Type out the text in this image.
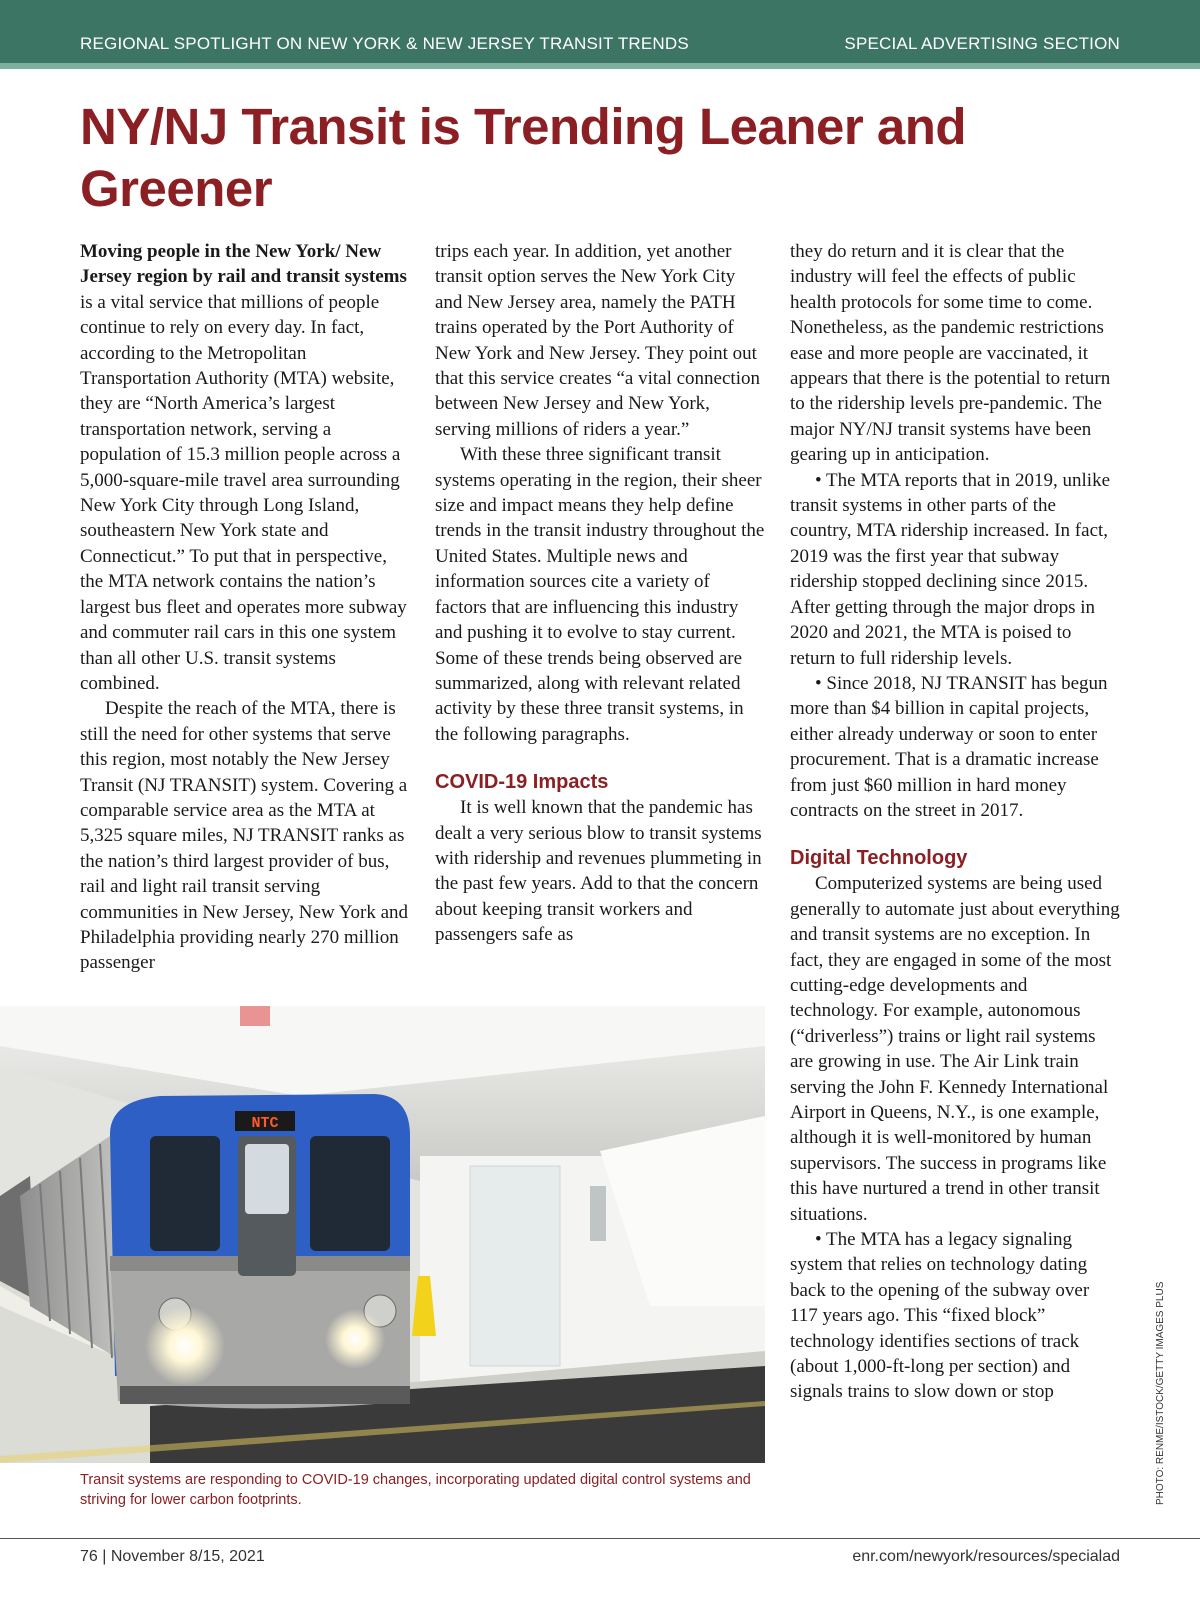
REGIONAL SPOTLIGHT ON NEW YORK & NEW JERSEY TRANSIT TRENDS	SPECIAL ADVERTISING SECTION
NY/NJ Transit is Trending Leaner and Greener

Moving people in the New York/ New Jersey region by rail and transit systems is a vital service that millions of people continue to rely on every day. In fact, according to the Metropolitan Transportation Authority (MTA) website, they are “North America’s largest transportation network, serving a population of 15.3 million people across a 5,000-square-mile travel area surrounding New York City through Long Island, southeastern New York state and Connecticut.” To put that in perspective, the MTA network contains the nation’s largest bus fleet and operates more subway and commuter rail cars in this one system than all other U.S. transit systems combined.

Despite the reach of the MTA, there is still the need for other systems that serve this region, most notably the New Jersey Transit (NJ TRANSIT) system. Covering a comparable service area as the MTA at 5,325 square miles, NJ TRANSIT ranks as the nation’s third largest provider of bus, rail and light rail transit serving communities in New Jersey, New York and Philadelphia providing nearly 270 million passenger

trips each year. In addition, yet another transit option serves the New York City and New Jersey area, namely the PATH trains operated by the Port Authority of New York and New Jersey. They point out that this service creates “a vital connection between New Jersey and New York, serving millions of riders a year.”

With these three significant transit systems operating in the region, their sheer size and impact means they help define trends in the transit industry throughout the United States. Multiple news and information sources cite a variety of factors that are influencing this industry and pushing it to evolve to stay current. Some of these trends being observed are summarized, along with relevant related activity by these three transit systems, in the following paragraphs.

COVID-19 Impacts

It is well known that the pandemic has dealt a very serious blow to transit systems with ridership and revenues plummeting in the past few years. Add to that the concern about keeping transit workers and passengers safe as

they do return and it is clear that the industry will feel the effects of public health protocols for some time to come. Nonetheless, as the pandemic restrictions ease and more people are vaccinated, it appears that there is the potential to return to the ridership levels pre-pandemic. The major NY/NJ transit systems have been gearing up in anticipation.

• The MTA reports that in 2019, unlike transit systems in other parts of the country, MTA ridership increased. In fact, 2019 was the first year that subway ridership stopped declining since 2015. After getting through the major drops in 2020 and 2021, the MTA is poised to return to full ridership levels.

• Since 2018, NJ TRANSIT has begun more than $4 billion in capital projects, either already underway or soon to enter procurement. That is a dramatic increase from just $60 million in hard money contracts on the street in 2017.

Digital Technology

Computerized systems are being used generally to automate just about everything and transit systems are no exception. In fact, they are engaged in some of the most cutting-edge developments and technology. For example, autonomous (“driverless”) trains or light rail systems are growing in use. The Air Link train serving the John F. Kennedy International Airport in Queens, N.Y., is one example, although it is well-monitored by human supervisors. The success in programs like this have nurtured a trend in other transit situations.

• The MTA has a legacy signaling system that relies on technology dating back to the opening of the subway over 117 years ago. This “fixed block” technology identifies sections of track (about 1,000-ft-long per section) and signals trains to slow down or stop

NTC
Transit systems are responding to COVID-19 changes, incorporating updated digital control systems and striving for lower carbon footprints.	PHOTO: RENME/ISTOCK/GETTY IMAGES PLUS
76 | November 8/15, 2021	enr.com/newyork/resources/specialad
